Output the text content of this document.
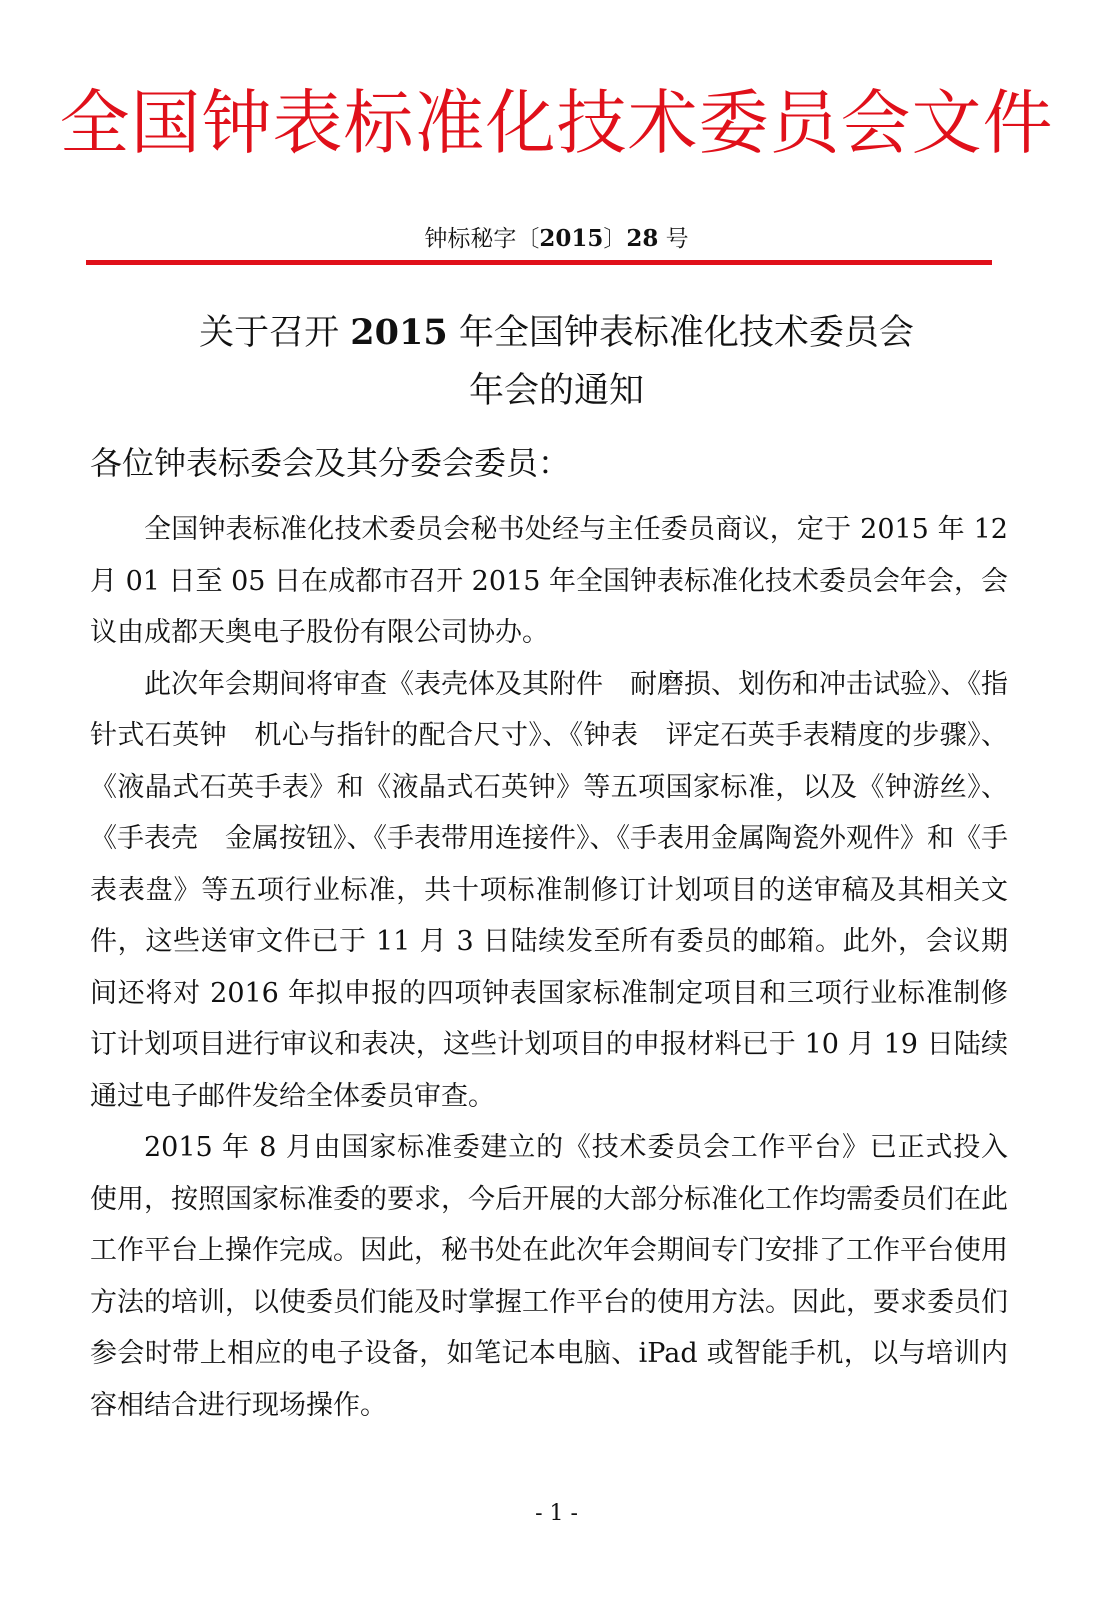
全国钟表标准化技术委员会文件
钟标秘字〔2015〕28 号
关于召开 2015 年全国钟表标准化技术委员会
年会的通知
各位钟表标委会及其分委会委员：

全国钟表标准化技术委员会秘书处经与主任委员商议，定于 2015 年 12 月 01 日至 05 日在成都市召开 2015 年全国钟表标准化技术委员会年会，会议由成都天奥电子股份有限公司协办。

此次年会期间将审查《表壳体及其附件　耐磨损、划伤和冲击试验》、《指针式石英钟　机心与指针的配合尺寸》、《钟表　评定石英手表精度的步骤》、《液晶式石英手表》和《液晶式石英钟》等五项国家标准，以及《钟游丝》、《手表壳　金属按钮》、《手表带用连接件》、《手表用金属陶瓷外观件》和《手表表盘》等五项行业标准，共十项标准制修订计划项目的送审稿及其相关文件，这些送审文件已于 11 月 3 日陆续发至所有委员的邮箱。此外，会议期间还将对 2016 年拟申报的四项钟表国家标准制定项目和三项行业标准制修订计划项目进行审议和表决，这些计划项目的申报材料已于 10 月 19 日陆续通过电子邮件发给全体委员审查。

2015 年 8 月由国家标准委建立的《技术委员会工作平台》已正式投入使用，按照国家标准委的要求，今后开展的大部分标准化工作均需委员们在此工作平台上操作完成。因此，秘书处在此次年会期间专门安排了工作平台使用方法的培训，以使委员们能及时掌握工作平台的使用方法。因此，要求委员们参会时带上相应的电子设备，如笔记本电脑、iPad 或智能手机，以与培训内容相结合进行现场操作。

- 1 -
